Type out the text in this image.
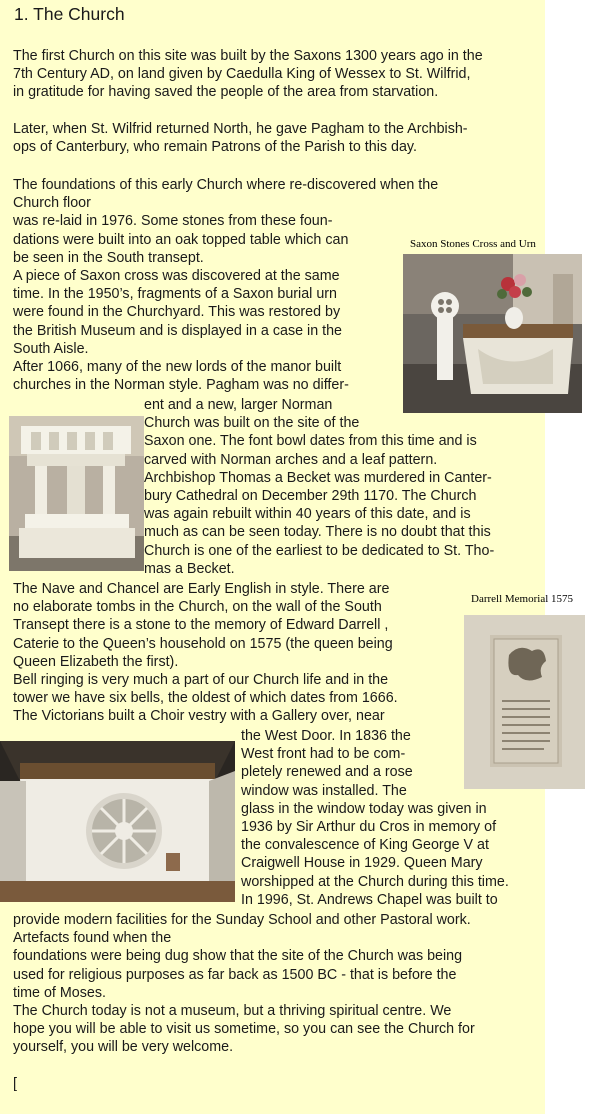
1. The Church

The first Church on this site was built by the Saxons 1300 years ago in the

7th Century AD, on land given by Caedulla King of Wessex to St. Wilfrid,

in gratitude for having saved the people of the area from starvation.

Later, when St. Wilfrid returned North, he gave Pagham to the Archbish-

ops of Canterbury, who remain Patrons of the Parish to this day.

The foundations of this early Church where re-discovered when the

Church floor

was re-laid in 1976. Some stones from these foun-

dations were built into an oak topped table which can

be seen in the South transept.

A piece of Saxon cross was discovered at the same

time. In the 1950’s, fragments of a Saxon burial urn

were found in the Churchyard. This was restored by

the British Museum and is displayed in a case in the

South Aisle.

After 1066, many of the new lords of the manor built

churches in the Norman style. Pagham was no differ-

ent and a new, larger Norman

Church was built on the site of the

Saxon one. The font bowl dates from this time and is

carved with Norman arches and a leaf pattern.

Archbishop Thomas a Becket was murdered in Canter-

bury Cathedral on December 29th 1170. The Church

was again rebuilt within 40 years of this date, and is

much as can be seen today. There is no doubt that this

Church is one of the earliest to be dedicated to St. Tho-

mas a Becket.

The Nave and Chancel are Early English in style. There are

no elaborate tombs in the Church, on the wall of the South

Transept there is a stone to the memory of Edward Darrell ,

Caterie to the Queen’s household on 1575 (the queen being

Queen Elizabeth the first).

Bell ringing is very much a part of our Church life and in the

tower we have six bells, the oldest of which dates from 1666.

The Victorians built a Choir vestry with a Gallery over, near

the West Door. In 1836 the

West front had to be com-

pletely renewed and a rose

window was installed. The

glass in the window today was given in

1936 by Sir Arthur du Cros in memory of

the convalescence of King George V at

Craigwell House in 1929. Queen Mary

worshipped at the Church during this time.

In 1996, St. Andrews Chapel was built to

provide modern facilities for the Sunday School and other Pastoral work.

Artefacts found when the

foundations were being dug show that the site of the Church was being

used for religious purposes as far back as 1500 BC - that is before the

time of Moses.

The Church today is not a museum, but a thriving spiritual centre. We

hope you will be able to visit us sometime, so you can see the Church for

yourself, you will be very welcome.

[
Saxon Stones Cross and Urn
Darrell Memorial 1575
